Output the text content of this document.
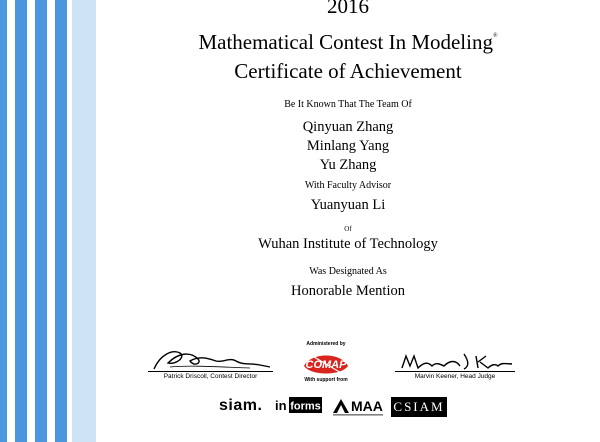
2016
Mathematical Contest In Modeling®
Certificate of Achievement
Be It Known That The Team Of
Qinyuan Zhang
Minlang Yang
Yu Zhang
With Faculty Advisor
Yuanyuan Li
Of
Wuhan Institute of Technology
Was Designated As
Honorable Mention
Patrick Driscoll, Contest Director	Marvin Keener, Head Judge
Administered by
COMAP
With support from
siam. in forms MAA CSIAM
